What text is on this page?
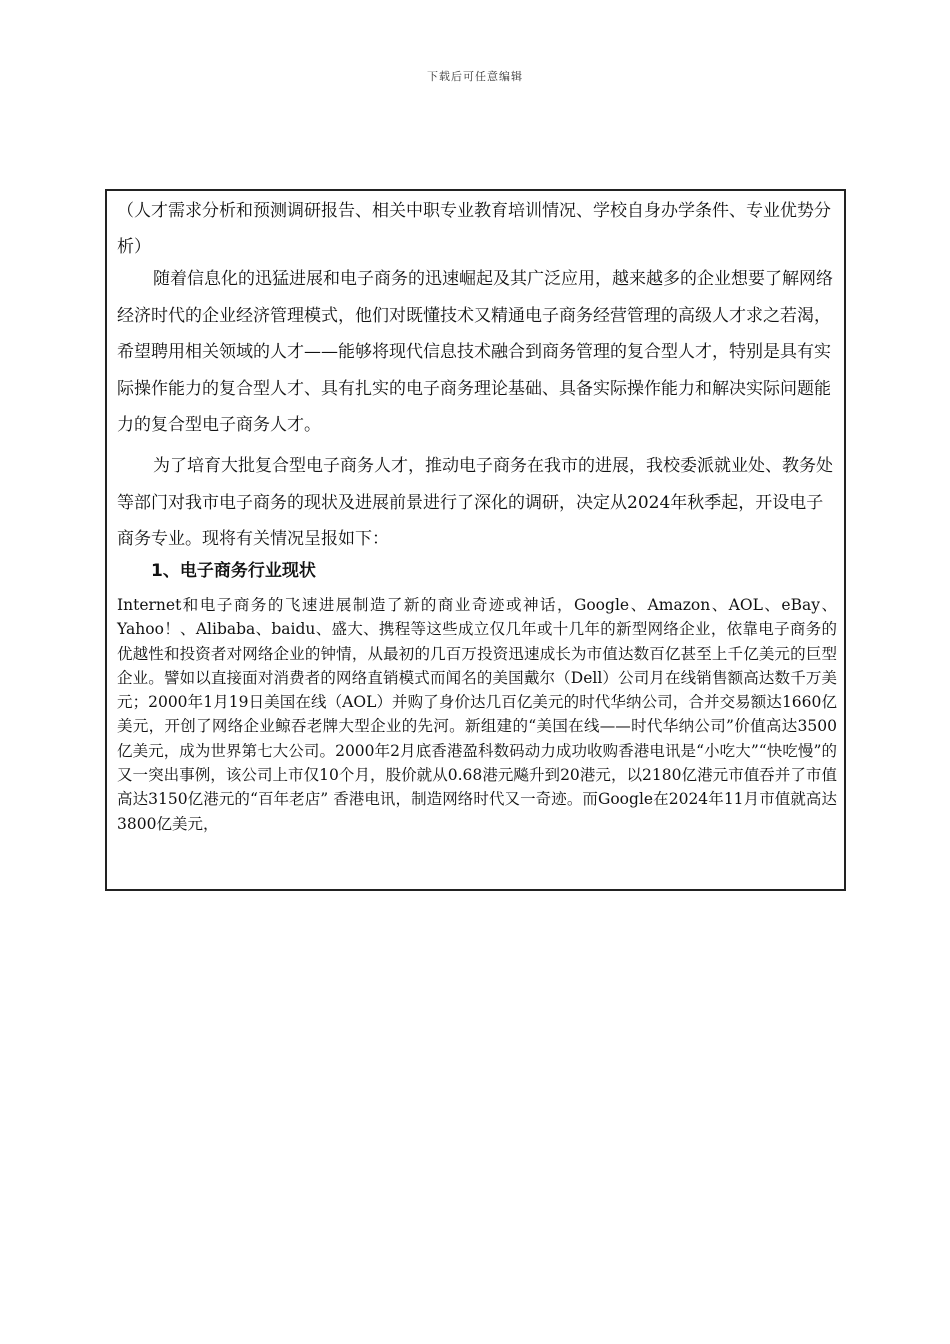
下载后可任意编辑
（人才需求分析和预测调研报告、相关中职专业教育培训情况、学校自身办学条件、专业优势分析）
随着信息化的迅猛进展和电子商务的迅速崛起及其广泛应用，越来越多的企业想要了解网络经济时代的企业经济管理模式，他们对既懂技术又精通电子商务经营管理的高级人才求之若渴，希望聘用相关领域的人才——能够将现代信息技术融合到商务管理的复合型人才，特别是具有实际操作能力的复合型人才、具有扎实的电子商务理论基础、具备实际操作能力和解决实际问题能力的复合型电子商务人才。
为了培育大批复合型电子商务人才，推动电子商务在我市的进展，我校委派就业处、教务处等部门对我市电子商务的现状及进展前景进行了深化的调研，决定从2024年秋季起，开设电子商务专业。现将有关情况呈报如下：
1、电子商务行业现状
Internet和电子商务的飞速进展制造了新的商业奇迹或神话，Google、Amazon、AOL、eBay、Yahoo！、Alibaba、baidu、盛大、携程等这些成立仅几年或十几年的新型网络企业，依靠电子商务的优越性和投资者对网络企业的钟情，从最初的几百万投资迅速成长为市值达数百亿甚至上千亿美元的巨型企业。譬如以直接面对消费者的网络直销模式而闻名的美国戴尔（Dell）公司月在线销售额高达数千万美元；2000年1月19日美国在线（AOL）并购了身价达几百亿美元的时代华纳公司，合并交易额达1660亿美元，开创了网络企业鲸吞老牌大型企业的先河。新组建的“美国在线——时代华纳公司”价值高达3500亿美元，成为世界第七大公司。2000年2月底香港盈科数码动力成功收购香港电讯是“小吃大”“快吃慢”的又一突出事例，该公司上市仅10个月，股价就从0.68港元飚升到20港元，以2180亿港元市值吞并了市值高达3150亿港元的“百年老店” 香港电讯，制造网络时代又一奇迹。而Google在2024年11月市值就高达3800亿美元，
